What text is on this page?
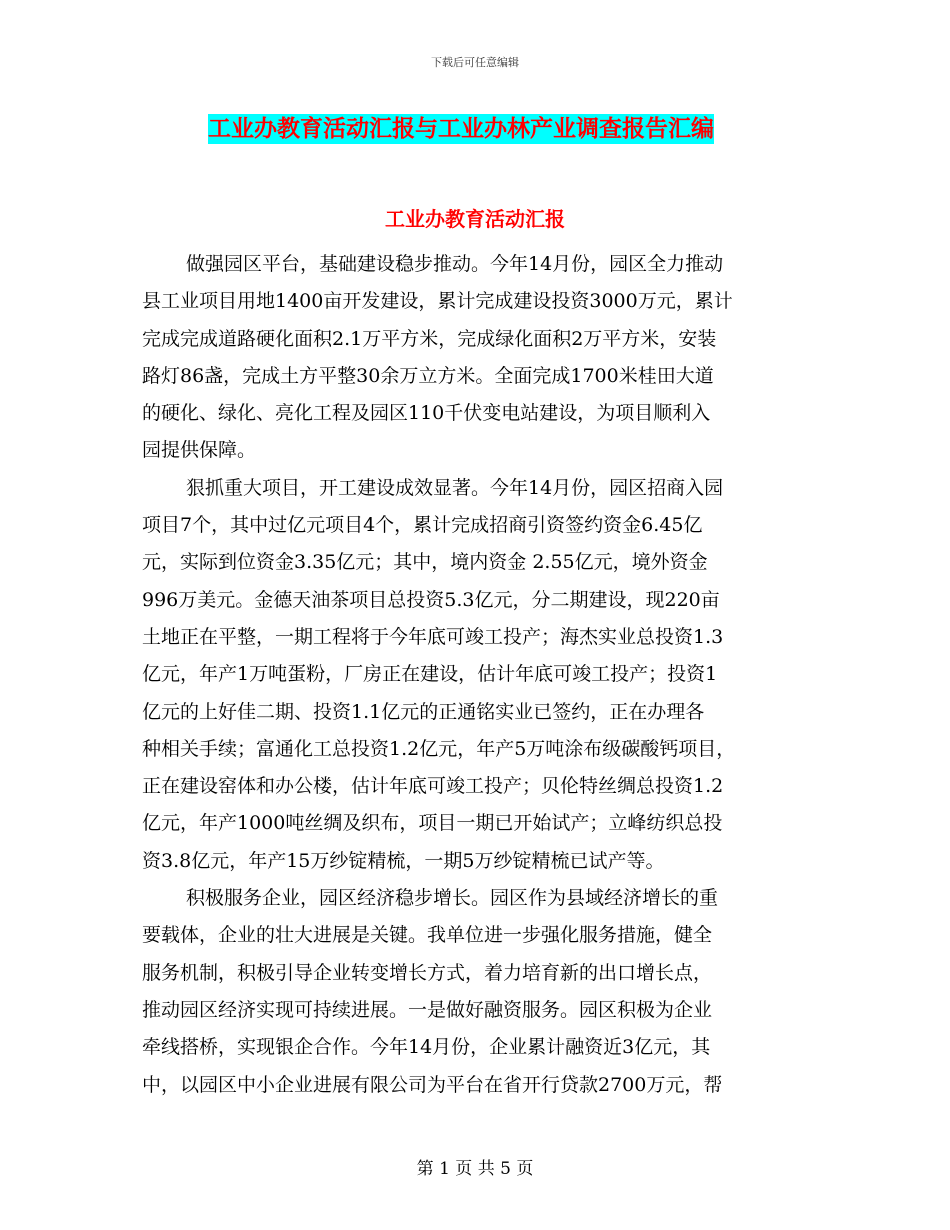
下载后可任意编辑
工业办教育活动汇报与工业办林产业调查报告汇编
工业办教育活动汇报
做强园区平台，基础建设稳步推动。今年14月份，园区全力推动
县工业项目用地1400亩开发建设，累计完成建设投资3000万元，累计
完成完成道路硬化面积2.1万平方米，完成绿化面积2万平方米，安装
路灯86盏，完成土方平整30余万立方米。全面完成1700米桂田大道
的硬化、绿化、亮化工程及园区110千伏变电站建设，为项目顺利入
园提供保障。
狠抓重大项目，开工建设成效显著。今年14月份，园区招商入园
项目7个，其中过亿元项目4个，累计完成招商引资签约资金6.45亿
元，实际到位资金3.35亿元；其中，境内资金 2.55亿元，境外资金
996万美元。金德天油茶项目总投资5.3亿元，分二期建设，现220亩
土地正在平整，一期工程将于今年底可竣工投产；海杰实业总投资1.3
亿元，年产1万吨蛋粉，厂房正在建设，估计年底可竣工投产；投资1
亿元的上好佳二期、投资1.1亿元的正通铭实业已签约，正在办理各
种相关手续；富通化工总投资1.2亿元，年产5万吨涂布级碳酸钙项目，
正在建设窑体和办公楼，估计年底可竣工投产；贝伦特丝绸总投资1.2
亿元，年产1000吨丝绸及织布，项目一期已开始试产；立峰纺织总投
资3.8亿元，年产15万纱锭精梳，一期5万纱锭精梳已试产等。
积极服务企业，园区经济稳步增长。园区作为县域经济增长的重
要载体，企业的壮大进展是关键。我单位进一步强化服务措施，健全
服务机制，积极引导企业转变增长方式，着力培育新的出口增长点，
推动园区经济实现可持续进展。一是做好融资服务。园区积极为企业
牵线搭桥，实现银企合作。今年14月份，企业累计融资近3亿元，其
中，以园区中小企业进展有限公司为平台在省开行贷款2700万元，帮
第 1 页 共 5 页
